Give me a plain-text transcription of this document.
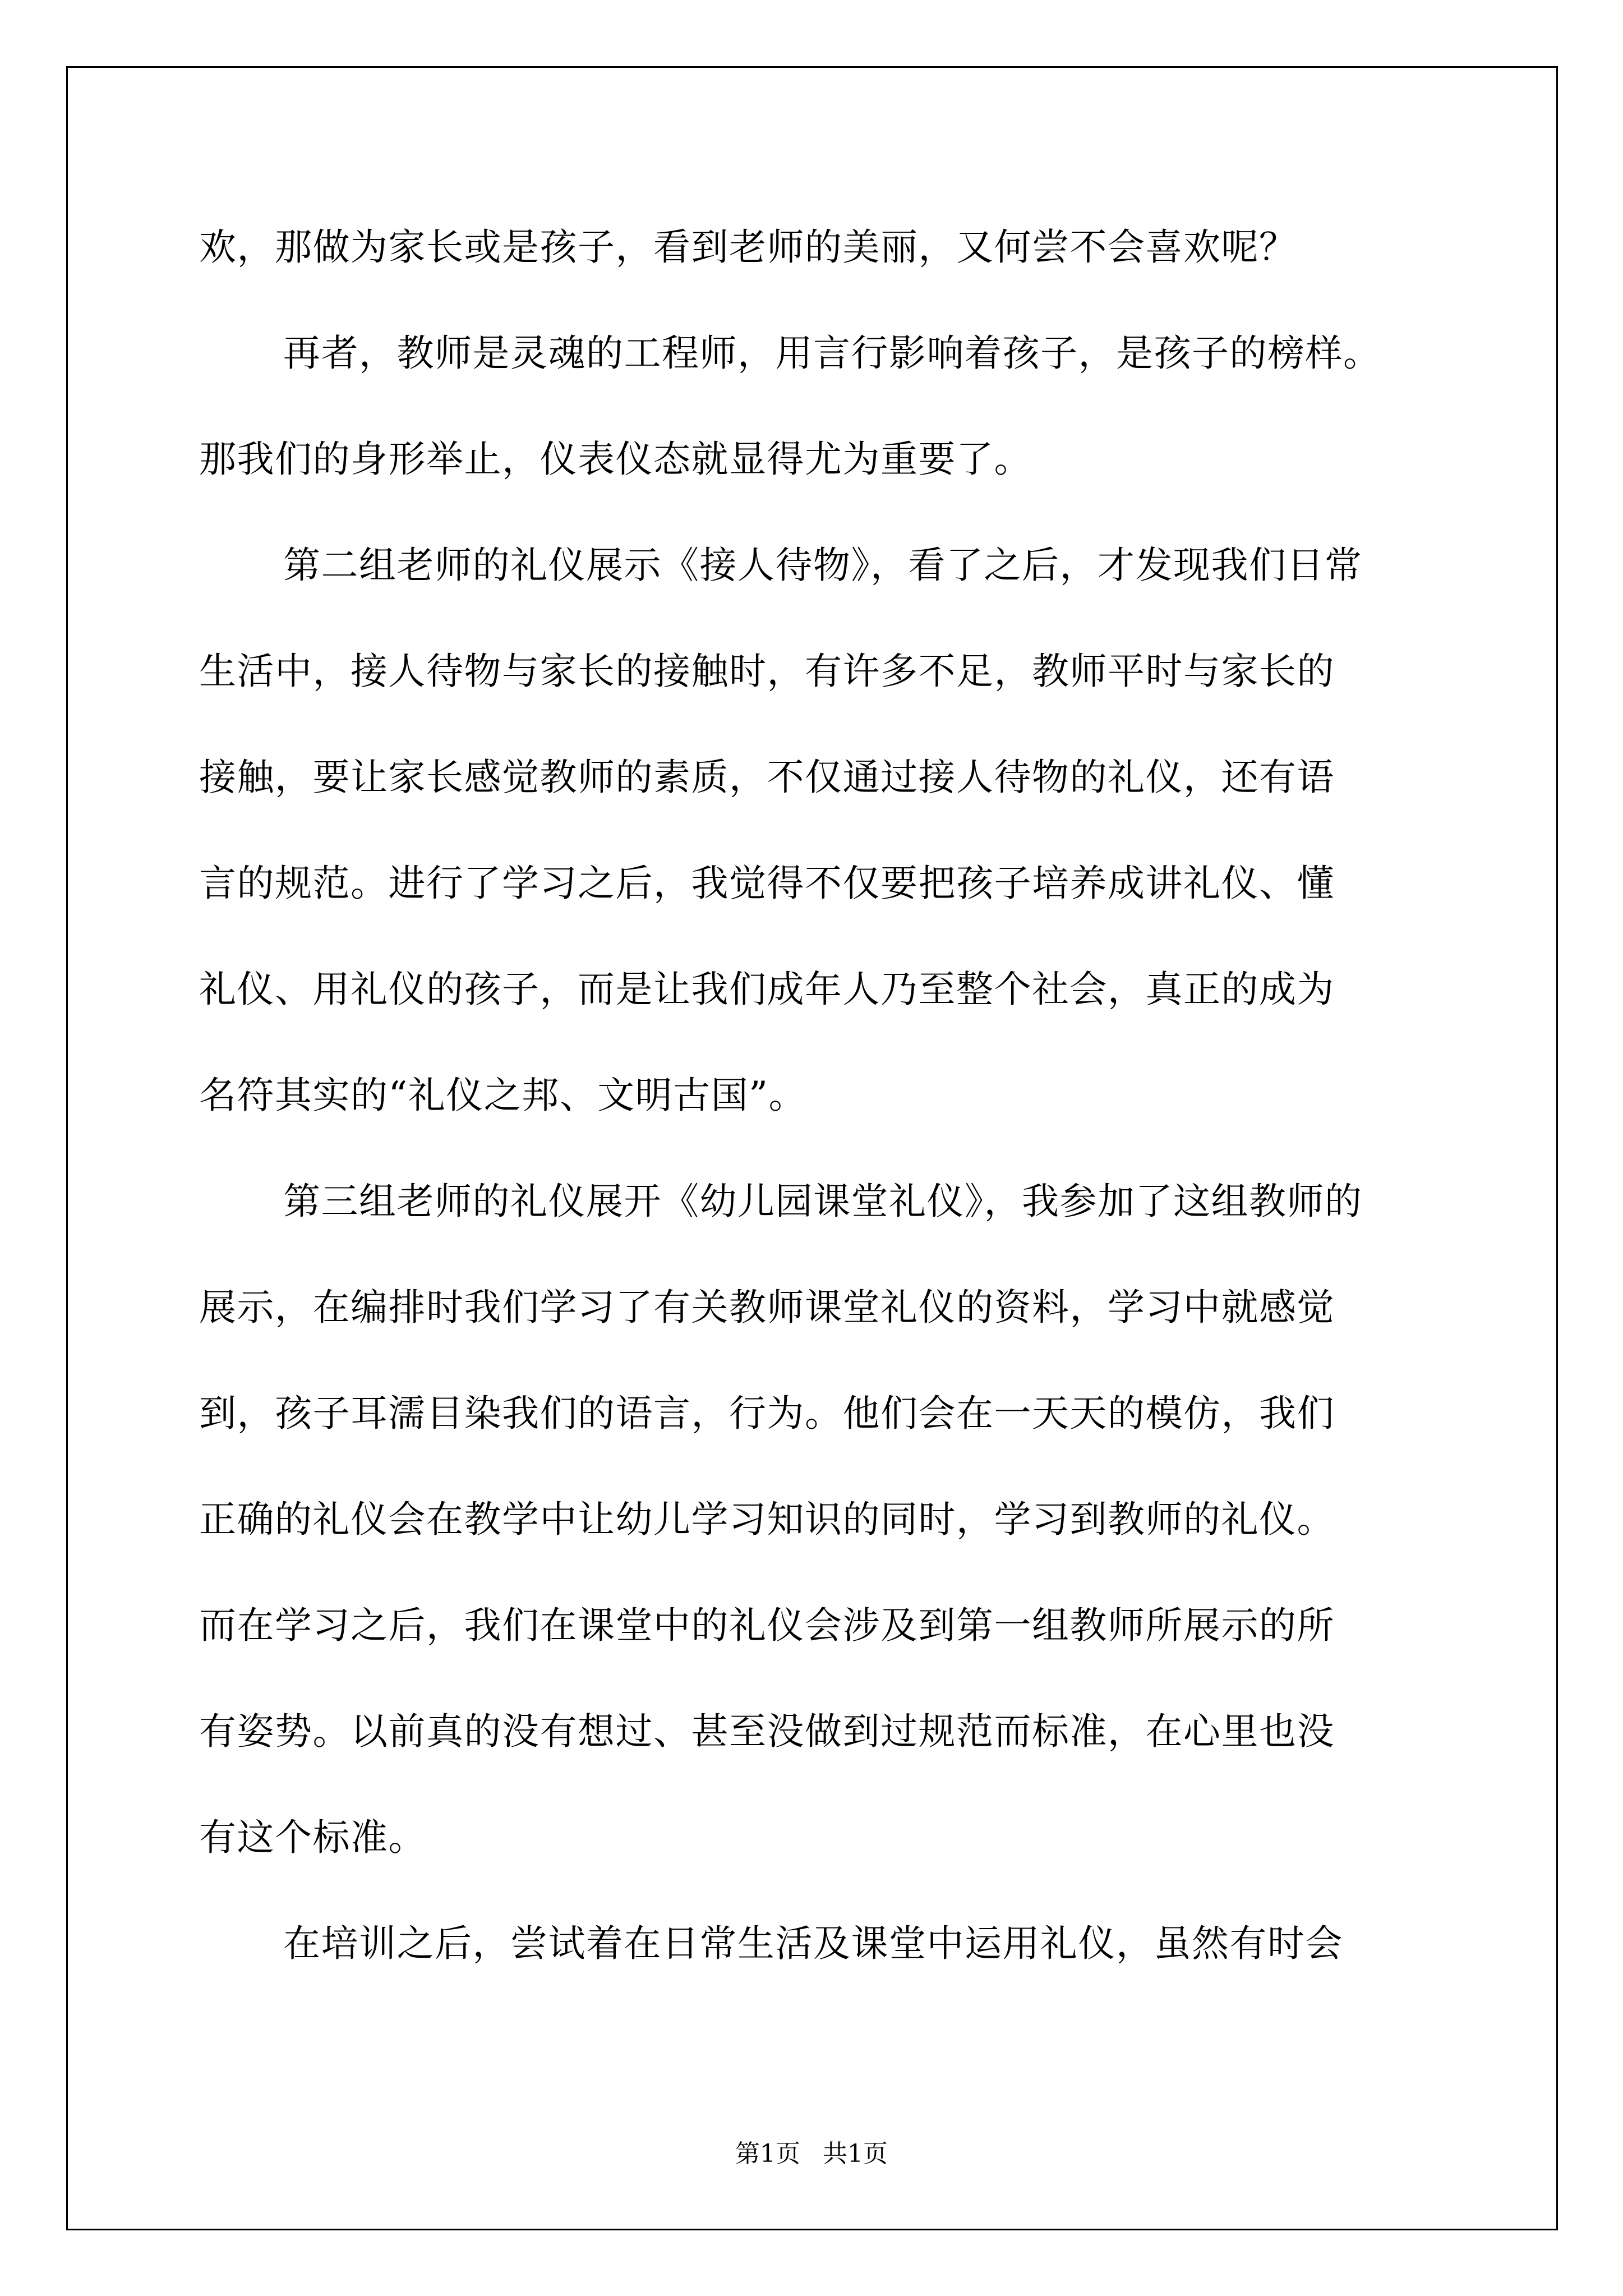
欢，那做为家长或是孩子，看到老师的美丽，又何尝不会喜欢呢？
再者，教师是灵魂的工程师，用言行影响着孩子，是孩子的榜样。
那我们的身形举止，仪表仪态就显得尤为重要了。
第二组老师的礼仪展示《接人待物》，看了之后，才发现我们日常
生活中，接人待物与家长的接触时，有许多不足，教师平时与家长的
接触，要让家长感觉教师的素质，不仅通过接人待物的礼仪，还有语
言的规范。进行了学习之后，我觉得不仅要把孩子培养成讲礼仪、懂
礼仪、用礼仪的孩子，而是让我们成年人乃至整个社会，真正的成为
名符其实的“礼仪之邦、文明古国”。
第三组老师的礼仪展开《幼儿园课堂礼仪》，我参加了这组教师的
展示，在编排时我们学习了有关教师课堂礼仪的资料，学习中就感觉
到，孩子耳濡目染我们的语言，行为。他们会在一天天的模仿，我们
正确的礼仪会在教学中让幼儿学习知识的同时，学习到教师的礼仪。
而在学习之后，我们在课堂中的礼仪会涉及到第一组教师所展示的所
有姿势。以前真的没有想过、甚至没做到过规范而标准，在心里也没
有这个标准。
在培训之后，尝试着在日常生活及课堂中运用礼仪，虽然有时会
第1页 共1页
